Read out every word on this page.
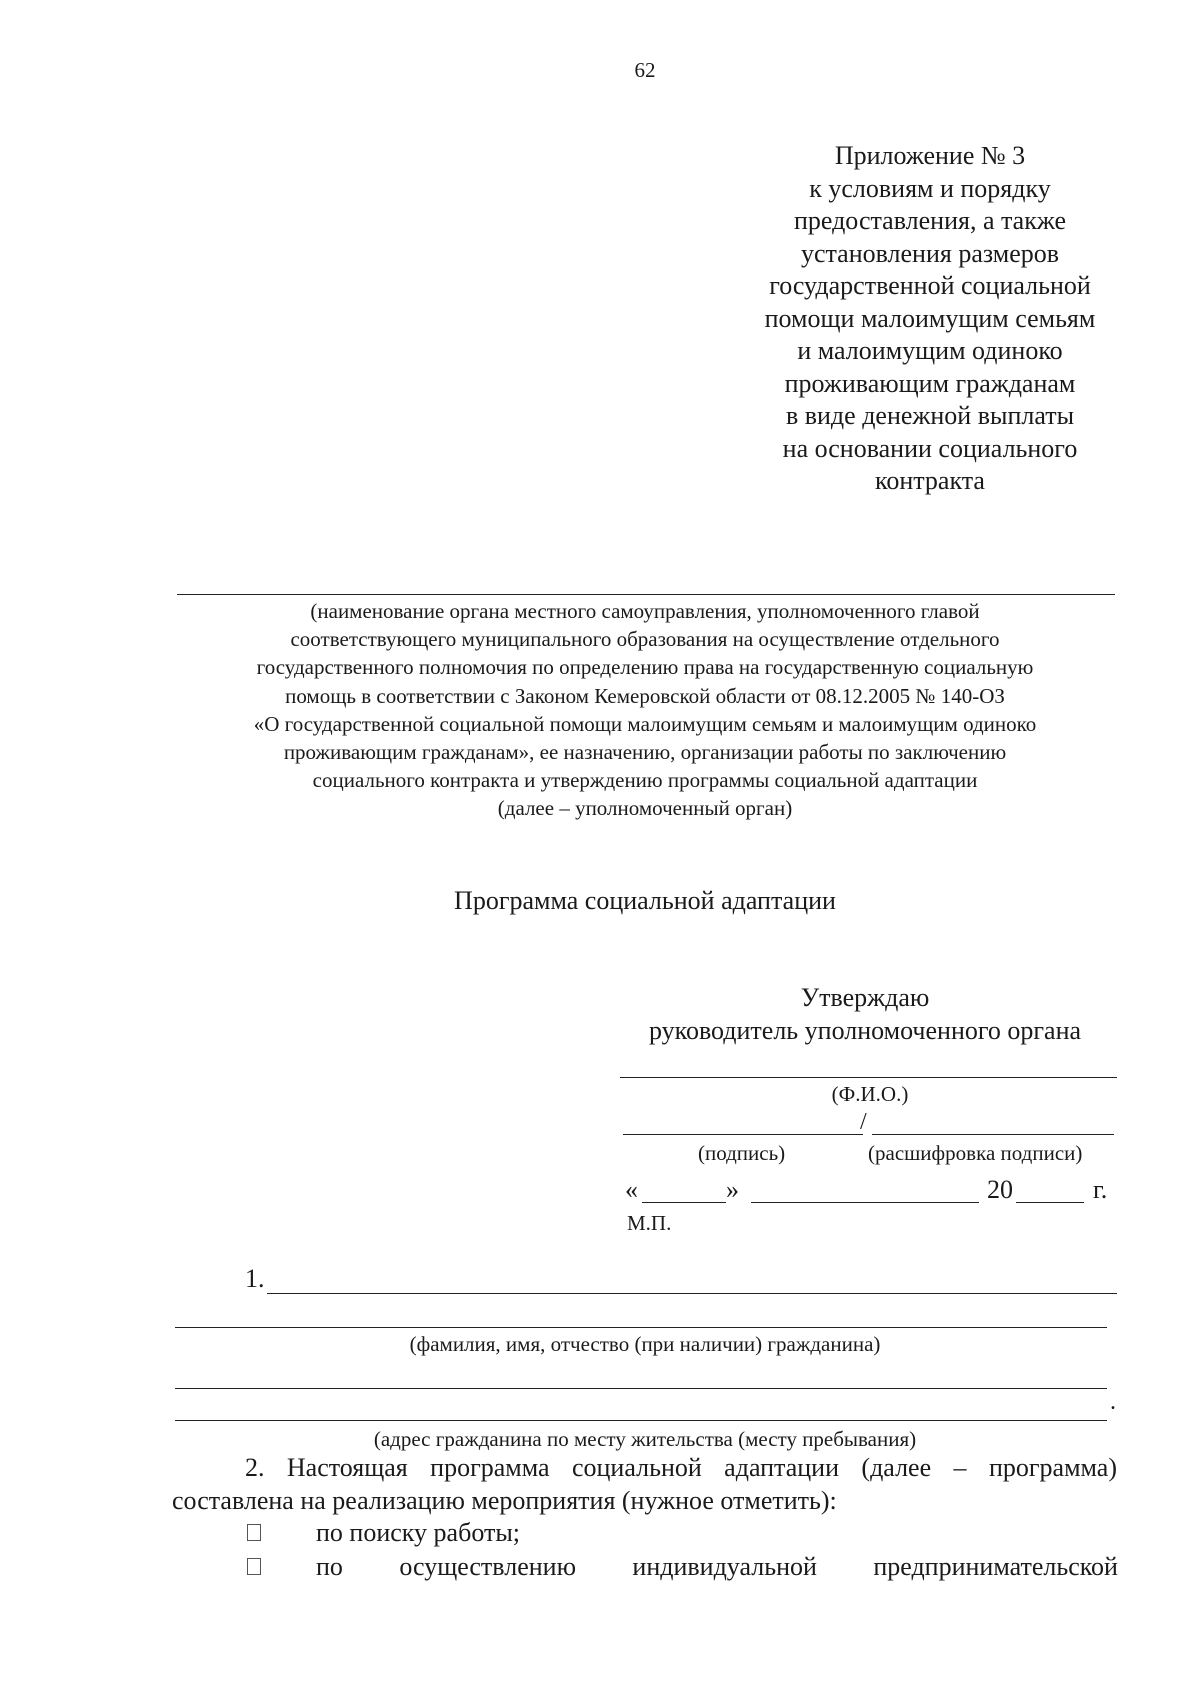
62
Приложение № 3
к условиям и порядку
предоставления, а также
установления размеров
государственной социальной
помощи малоимущим семьям
и малоимущим одиноко
проживающим гражданам
в виде денежной выплаты
на основании социального
контракта
(наименование органа местного самоуправления, уполномоченного главой
соответствующего муниципального образования на осуществление отдельного
государственного полномочия по определению права на государственную социальную
помощь в соответствии с Законом Кемеровской области от 08.12.2005 № 140-ОЗ
«О государственной социальной помощи малоимущим семьям и малоимущим одиноко
проживающим гражданам», ее назначению, организации работы по заключению
социального контракта и утверждению программы социальной адаптации
(далее – уполномоченный орган)
Программа социальной адаптации
Утверждаю
руководитель уполномоченного органа
(Ф.И.О.)
/
(подпись)	(расшифровка подписи)
«	»	20	г.
М.П.
1.
(фамилия, имя, отчество (при наличии) гражданина)
.
(адрес гражданина по месту жительства (месту пребывания)
2. Настоящая программа социальной адаптации (далее – программа)
составлена на реализацию мероприятия (нужное отметить):
по поиску работы;
по осуществлению индивидуальной предпринимательской
